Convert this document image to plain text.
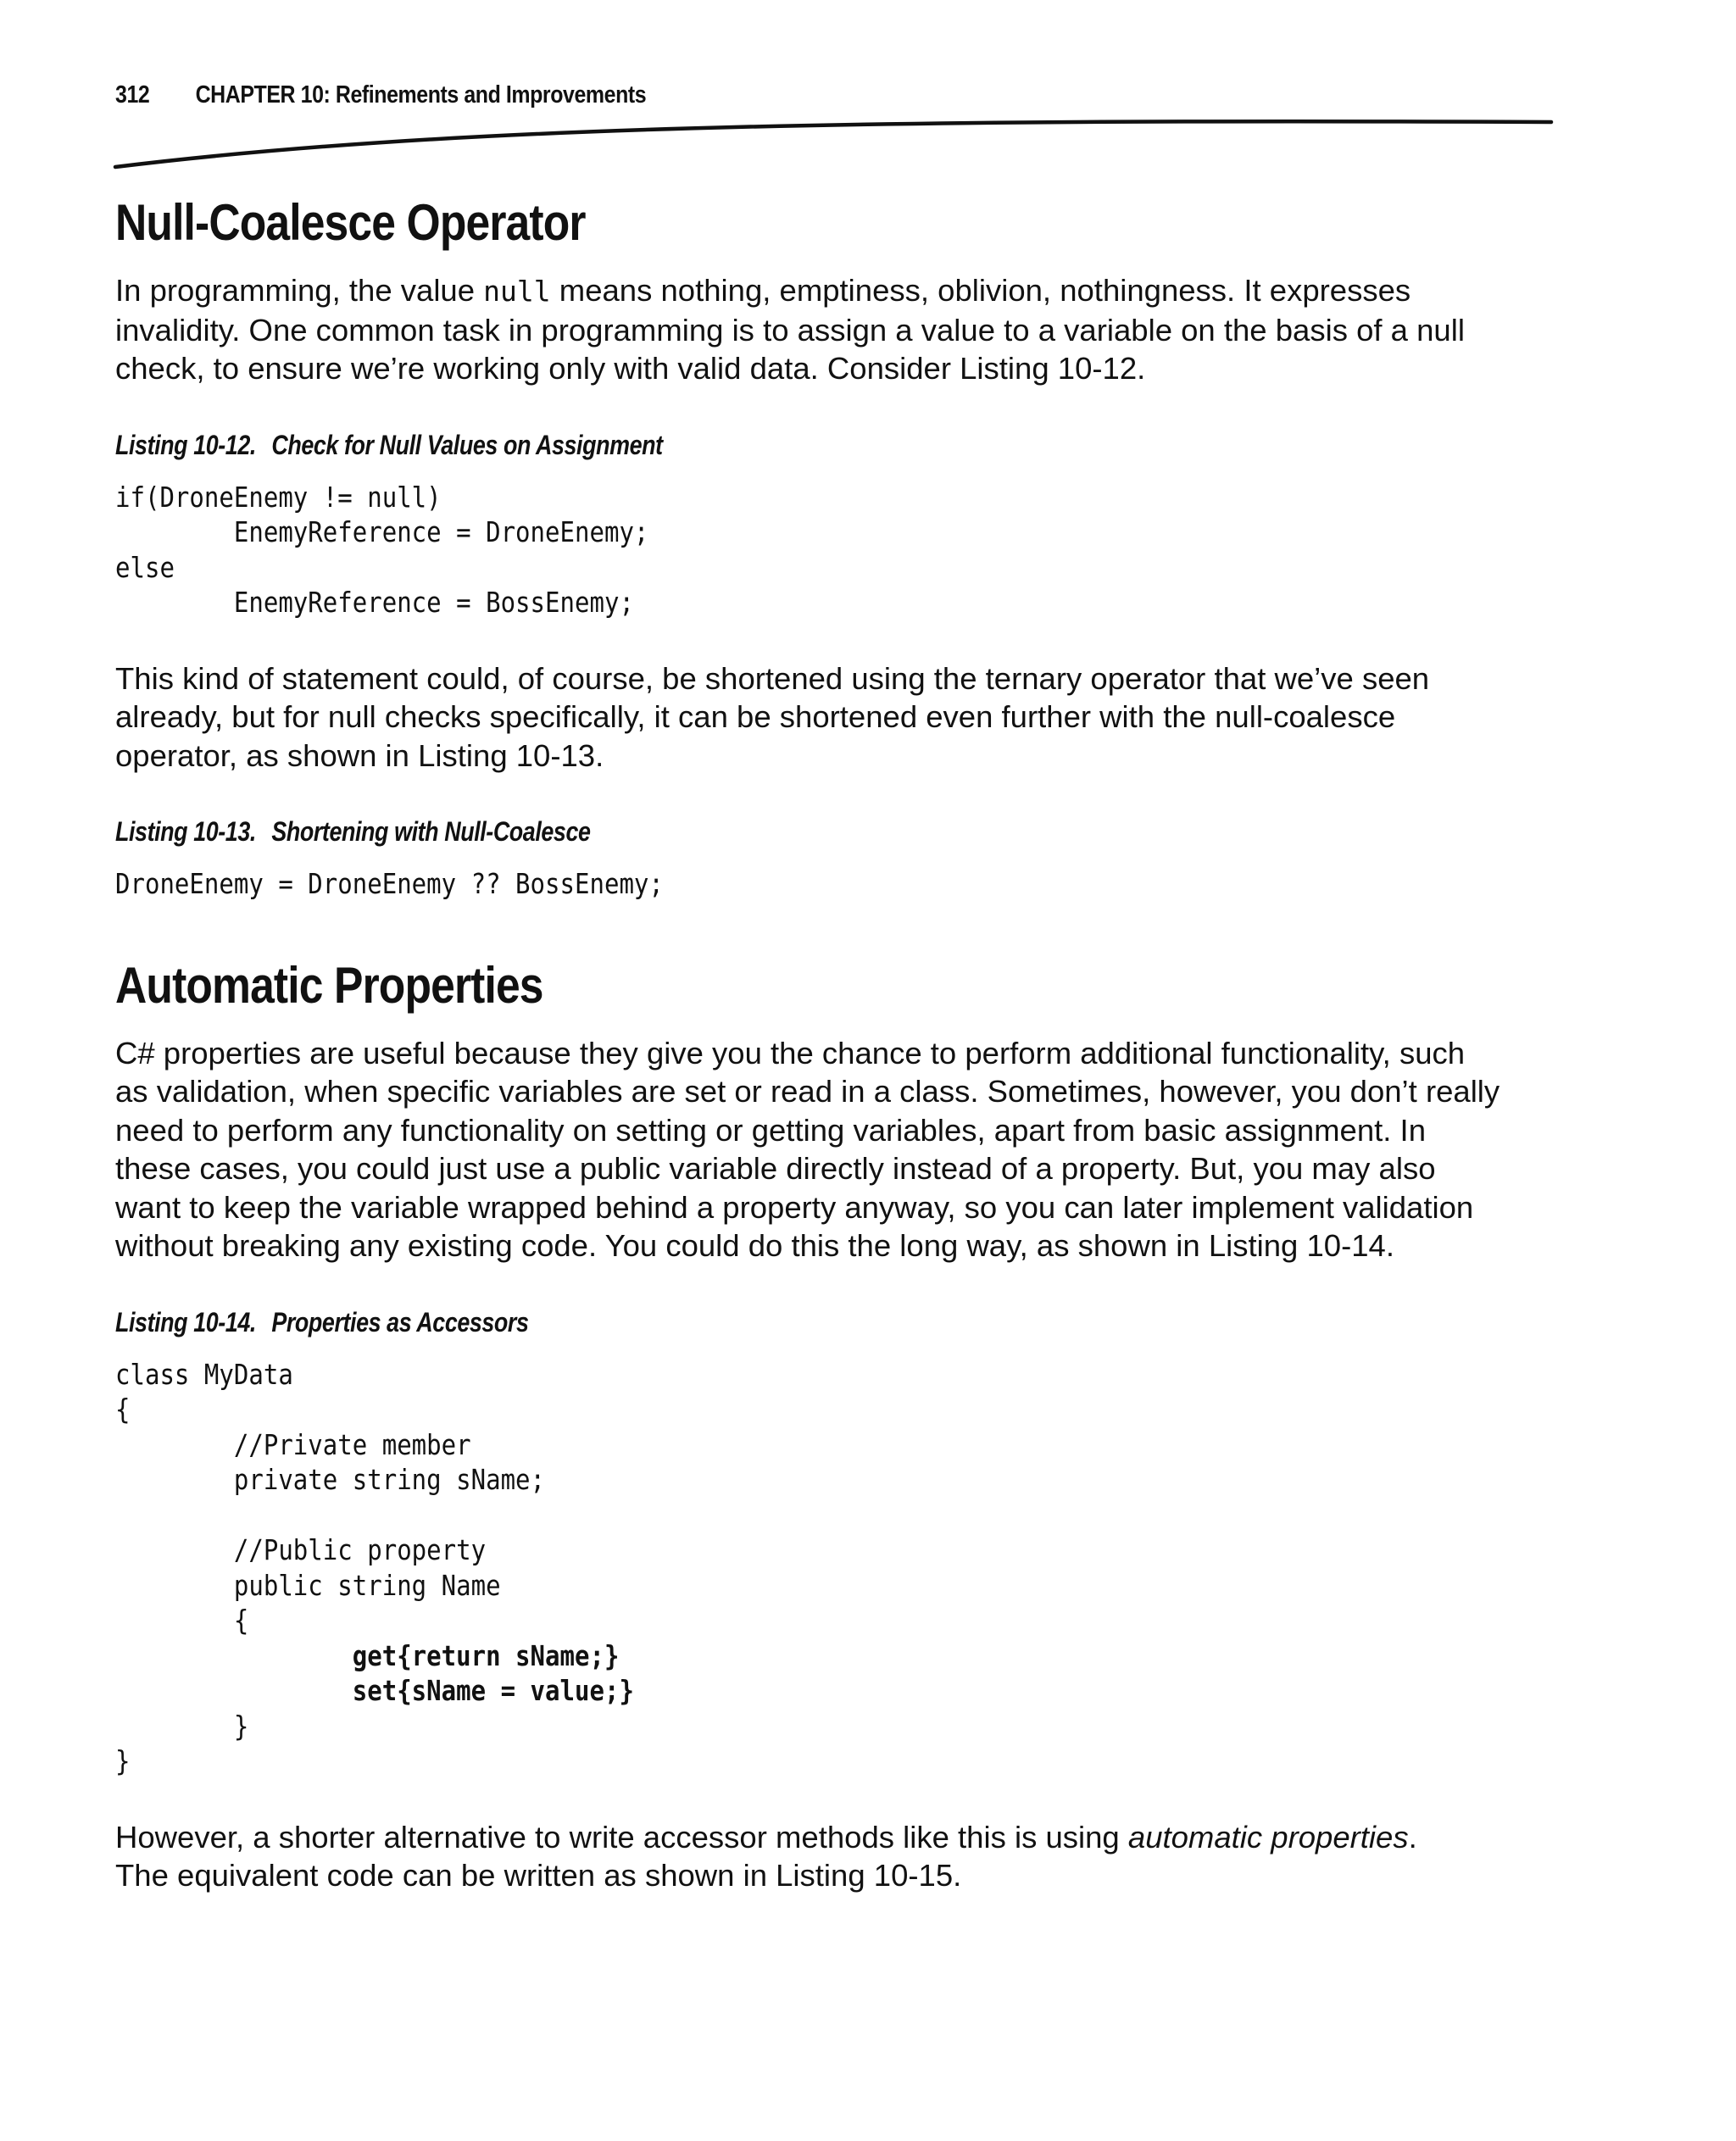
312 CHAPTER 10: Refinements and Improvements
Null-Coalesce Operator

In programming, the value null means nothing, emptiness, oblivion, nothingness. It expresses
invalidity. One common task in programming is to assign a value to a variable on the basis of a null
check, to ensure we’re working only with valid data. Consider Listing 10-12.

Listing 10-12. Check for Null Values on Assignment
if(DroneEnemy != null)
EnemyReference = DroneEnemy;
else
EnemyReference = BossEnemy;

This kind of statement could, of course, be shortened using the ternary operator that we’ve seen
already, but for null checks specifically, it can be shortened even further with the null-coalesce
operator, as shown in Listing 10-13.

Listing 10-13. Shortening with Null-Coalesce
DroneEnemy = DroneEnemy ?? BossEnemy;
Automatic Properties

C# properties are useful because they give you the chance to perform additional functionality, such
as validation, when specific variables are set or read in a class. Sometimes, however, you don’t really
need to perform any functionality on setting or getting variables, apart from basic assignment. In
these cases, you could just use a public variable directly instead of a property. But, you may also
want to keep the variable wrapped behind a property anyway, so you can later implement validation
without breaking any existing code. You could do this the long way, as shown in Listing 10-14.

Listing 10-14. Properties as Accessors
class MyData
{
//Private member
private string sName;

//Public property
public string Name
{
get{return sName;}
set{sName = value;}
}
}

However, a shorter alternative to write accessor methods like this is using automatic properties.
The equivalent code can be written as shown in Listing 10-15.
